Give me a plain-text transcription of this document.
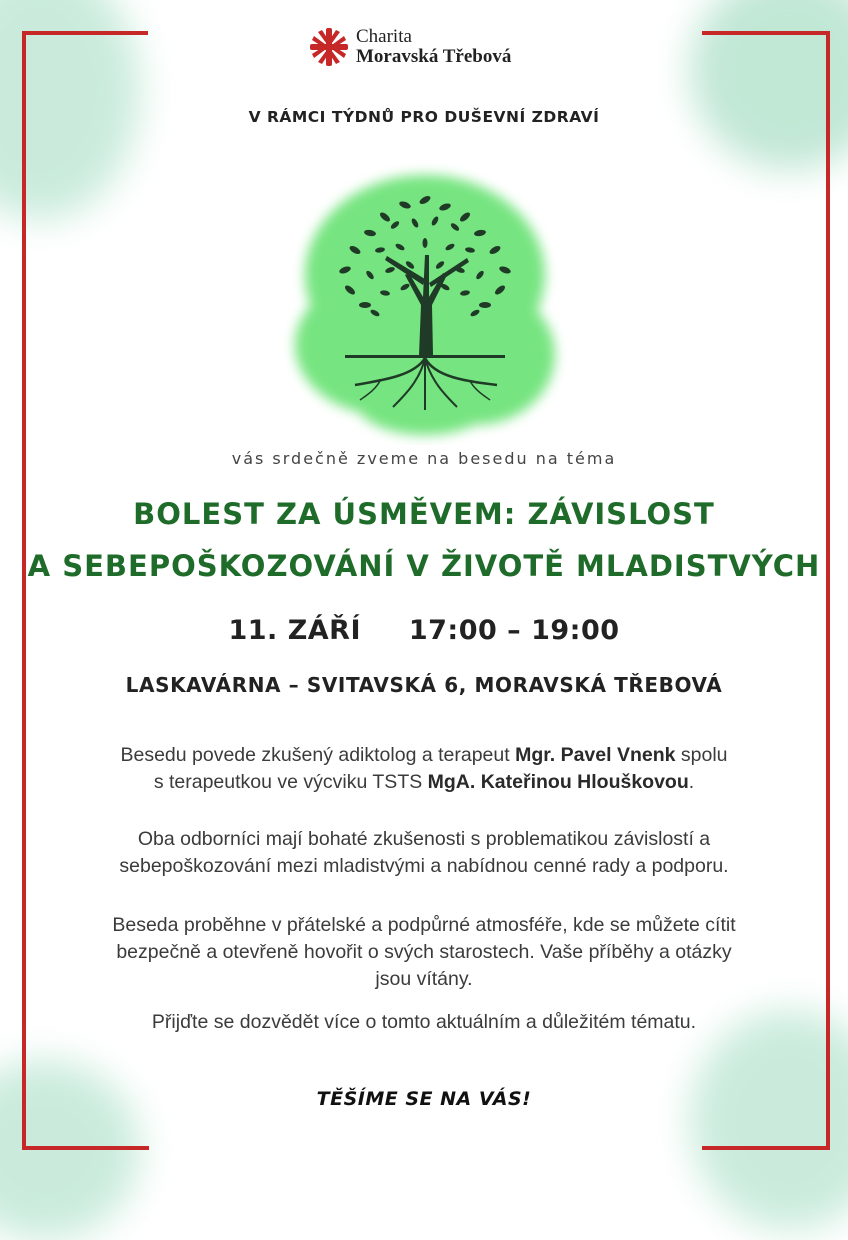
Charita
Moravská Třebová
V RÁMCI TÝDNŮ PRO DUŠEVNÍ ZDRAVÍ
vás srdečně zveme na besedu na téma
BOLEST ZA ÚSMĚVEM: ZÁVISLOST
A SEBEPOŠKOZOVÁNÍ V ŽIVOTĚ MLADISTVÝCH
11. ZÁŘÍ 17:00 – 19:00
LASKAVÁRNA – SVITAVSKÁ 6, MORAVSKÁ TŘEBOVÁ
Besedu povede zkušený adiktolog a terapeut Mgr. Pavel Vnenk spolu
s terapeutkou ve výcviku TSTS MgA. Kateřinou Hlouškovou.
Oba odborníci mají bohaté zkušenosti s problematikou závislostí a
sebepoškozování mezi mladistvými a nabídnou cenné rady a podporu.
Beseda proběhne v přátelské a podpůrné atmosféře, kde se můžete cítit
bezpečně a otevřeně hovořit o svých starostech. Vaše příběhy a otázky
jsou vítány.
Přijďte se dozvědět více o tomto aktuálním a důležitém tématu.
TĚŠÍME SE NA VÁS!
